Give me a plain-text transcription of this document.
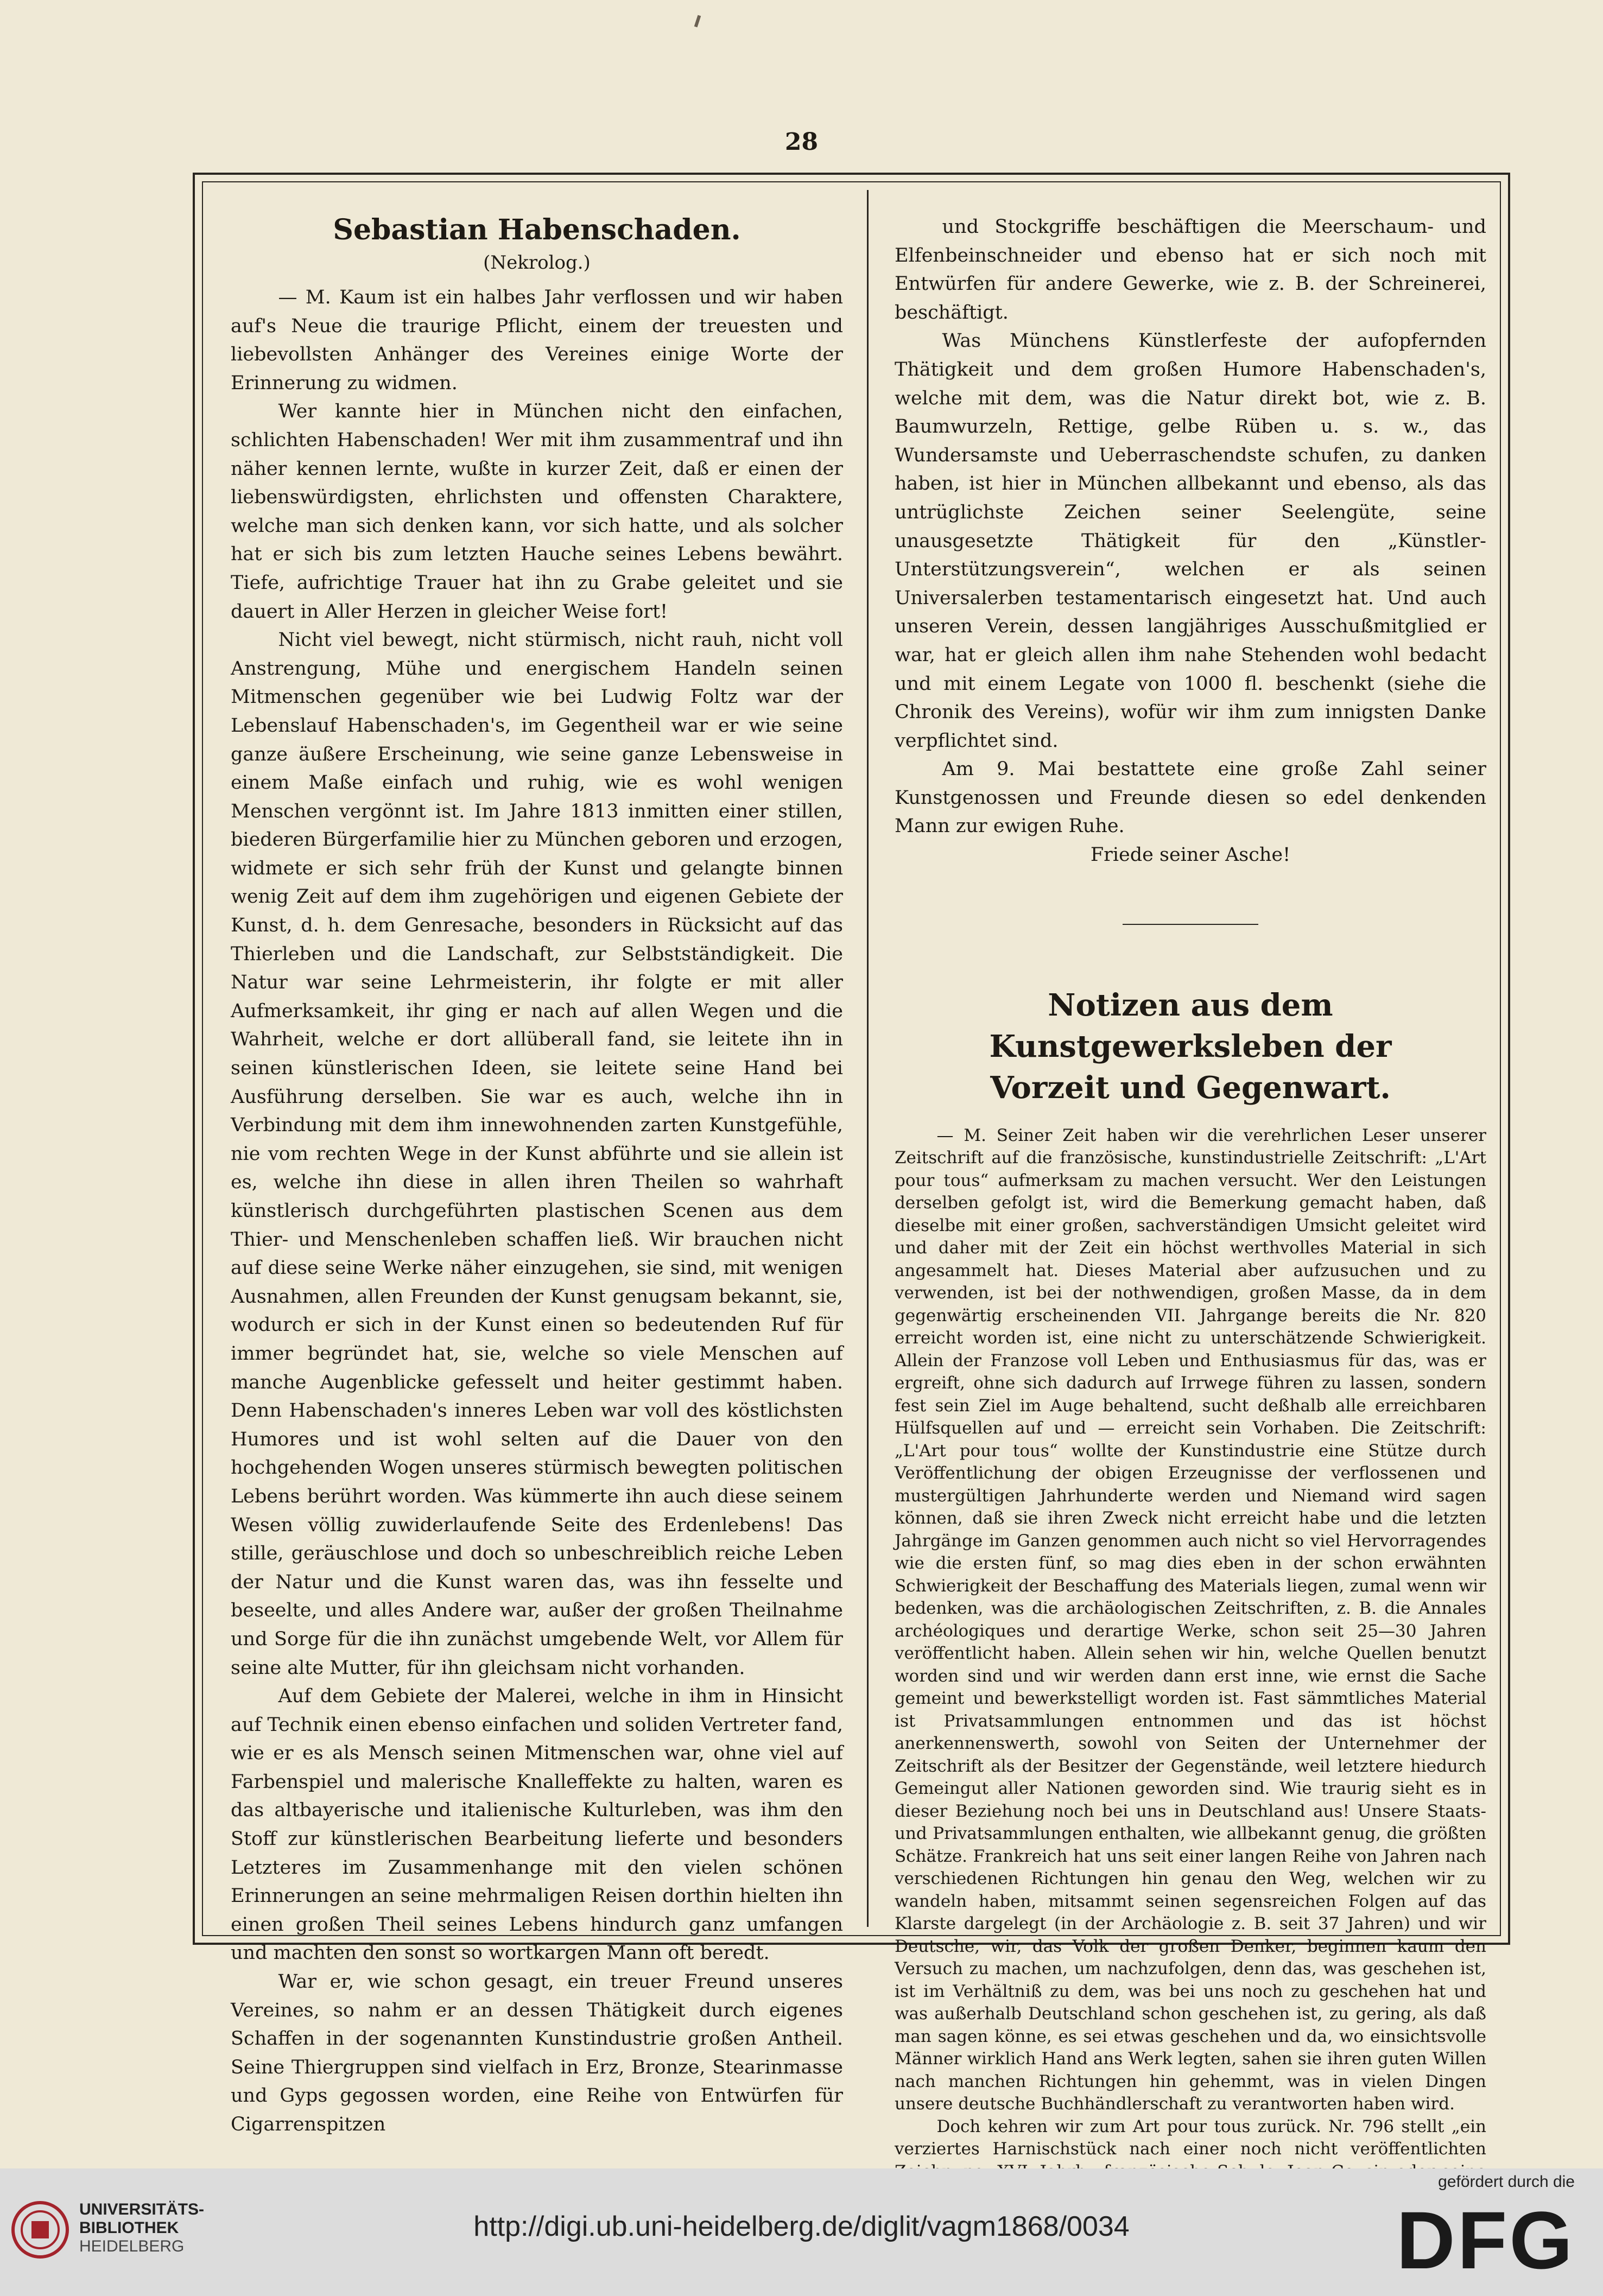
28
Sebastian Habenschaden.
(Nekrolog.)

— M. Kaum ist ein halbes Jahr verflossen und wir haben auf's Neue die traurige Pflicht, einem der treuesten und liebevollsten Anhänger des Vereines einige Worte der Erinnerung zu widmen.

Wer kannte hier in München nicht den einfachen, schlichten Habenschaden! Wer mit ihm zusammentraf und ihn näher kennen lernte, wußte in kurzer Zeit, daß er einen der liebenswürdigsten, ehrlichsten und offensten Charaktere, welche man sich denken kann, vor sich hatte, und als solcher hat er sich bis zum letzten Hauche seines Lebens bewährt. Tiefe, aufrichtige Trauer hat ihn zu Grabe geleitet und sie dauert in Aller Herzen in gleicher Weise fort!

Nicht viel bewegt, nicht stürmisch, nicht rauh, nicht voll Anstrengung, Mühe und energischem Handeln seinen Mitmenschen gegenüber wie bei Ludwig Foltz war der Lebenslauf Habenschaden's, im Gegentheil war er wie seine ganze äußere Erscheinung, wie seine ganze Lebensweise in einem Maße einfach und ruhig, wie es wohl wenigen Menschen vergönnt ist. Im Jahre 1813 inmitten einer stillen, biederen Bürgerfamilie hier zu München geboren und erzogen, widmete er sich sehr früh der Kunst und gelangte binnen wenig Zeit auf dem ihm zugehörigen und eigenen Gebiete der Kunst, d. h. dem Genresache, besonders in Rücksicht auf das Thierleben und die Landschaft, zur Selbstständigkeit. Die Natur war seine Lehrmeisterin, ihr folgte er mit aller Aufmerksamkeit, ihr ging er nach auf allen Wegen und die Wahrheit, welche er dort allüberall fand, sie leitete ihn in seinen künstlerischen Ideen, sie leitete seine Hand bei Ausführung derselben. Sie war es auch, welche ihn in Verbindung mit dem ihm innewohnenden zarten Kunstgefühle, nie vom rechten Wege in der Kunst abführte und sie allein ist es, welche ihn diese in allen ihren Theilen so wahrhaft künstlerisch durchgeführten plastischen Scenen aus dem Thier- und Menschenleben schaffen ließ. Wir brauchen nicht auf diese seine Werke näher einzugehen, sie sind, mit wenigen Ausnahmen, allen Freunden der Kunst genugsam bekannt, sie, wodurch er sich in der Kunst einen so bedeutenden Ruf für immer begründet hat, sie, welche so viele Menschen auf manche Augenblicke gefesselt und heiter gestimmt haben. Denn Habenschaden's inneres Leben war voll des köstlichsten Humores und ist wohl selten auf die Dauer von den hochgehenden Wogen unseres stürmisch bewegten politischen Lebens berührt worden. Was kümmerte ihn auch diese seinem Wesen völlig zuwiderlaufende Seite des Erdenlebens! Das stille, geräuschlose und doch so unbeschreiblich reiche Leben der Natur und die Kunst waren das, was ihn fesselte und beseelte, und alles Andere war, außer der großen Theilnahme und Sorge für die ihn zunächst umgebende Welt, vor Allem für seine alte Mutter, für ihn gleichsam nicht vorhanden.

Auf dem Gebiete der Malerei, welche in ihm in Hinsicht auf Technik einen ebenso einfachen und soliden Vertreter fand, wie er es als Mensch seinen Mitmenschen war, ohne viel auf Farbenspiel und malerische Knalleffekte zu halten, waren es das altbayerische und italienische Kulturleben, was ihm den Stoff zur künstlerischen Bearbeitung lieferte und besonders Letzteres im Zusammenhange mit den vielen schönen Erinnerungen an seine mehrmaligen Reisen dorthin hielten ihn einen großen Theil seines Lebens hindurch ganz umfangen und machten den sonst so wortkargen Mann oft beredt.

War er, wie schon gesagt, ein treuer Freund unseres Vereines, so nahm er an dessen Thätigkeit durch eigenes Schaffen in der sogenannten Kunstindustrie großen Antheil. Seine Thiergruppen sind vielfach in Erz, Bronze, Stearinmasse und Gyps gegossen worden, eine Reihe von Entwürfen für Cigarrenspitzen

und Stockgriffe beschäftigen die Meerschaum- und Elfenbeinschneider und ebenso hat er sich noch mit Entwürfen für andere Gewerke, wie z. B. der Schreinerei, beschäftigt.

Was Münchens Künstlerfeste der aufopfernden Thätigkeit und dem großen Humore Habenschaden's, welche mit dem, was die Natur direkt bot, wie z. B. Baumwurzeln, Rettige, gelbe Rüben u. s. w., das Wundersamste und Ueberraschendste schufen, zu danken haben, ist hier in München allbekannt und ebenso, als das untrüglichste Zeichen seiner Seelengüte, seine unausgesetzte Thätigkeit für den „Künstler-Unterstützungsverein“, welchen er als seinen Universalerben testamentarisch eingesetzt hat. Und auch unseren Verein, dessen langjähriges Ausschußmitglied er war, hat er gleich allen ihm nahe Stehenden wohl bedacht und mit einem Legate von 1000 fl. beschenkt (siehe die Chronik des Vereins), wofür wir ihm zum innigsten Danke verpflichtet sind.

Am 9. Mai bestattete eine große Zahl seiner Kunstgenossen und Freunde diesen so edel denkenden Mann zur ewigen Ruhe.

Friede seiner Asche!

Notizen aus dem Kunstgewerksleben der
Vorzeit und Gegenwart.

— M. Seiner Zeit haben wir die verehrlichen Leser unserer Zeitschrift auf die französische, kunstindustrielle Zeitschrift: „L'Art pour tous“ aufmerksam zu machen versucht. Wer den Leistungen derselben gefolgt ist, wird die Bemerkung gemacht haben, daß dieselbe mit einer großen, sachverständigen Umsicht geleitet wird und daher mit der Zeit ein höchst werthvolles Material in sich angesammelt hat. Dieses Material aber aufzusuchen und zu verwenden, ist bei der nothwendigen, großen Masse, da in dem gegenwärtig erscheinenden VII. Jahrgange bereits die Nr. 820 erreicht worden ist, eine nicht zu unterschätzende Schwierigkeit. Allein der Franzose voll Leben und Enthusiasmus für das, was er ergreift, ohne sich dadurch auf Irrwege führen zu lassen, sondern fest sein Ziel im Auge behaltend, sucht deßhalb alle erreichbaren Hülfsquellen auf und — erreicht sein Vorhaben. Die Zeitschrift: „L'Art pour tous“ wollte der Kunstindustrie eine Stütze durch Veröffentlichung der obigen Erzeugnisse der verflossenen und mustergültigen Jahrhunderte werden und Niemand wird sagen können, daß sie ihren Zweck nicht erreicht habe und die letzten Jahrgänge im Ganzen genommen auch nicht so viel Hervorragendes wie die ersten fünf, so mag dies eben in der schon erwähnten Schwierigkeit der Beschaffung des Materials liegen, zumal wenn wir bedenken, was die archäologischen Zeitschriften, z. B. die Annales archéologiques und derartige Werke, schon seit 25—30 Jahren veröffentlicht haben. Allein sehen wir hin, welche Quellen benutzt worden sind und wir werden dann erst inne, wie ernst die Sache gemeint und bewerkstelligt worden ist. Fast sämmtliches Material ist Privatsammlungen entnommen und das ist höchst anerkennenswerth, sowohl von Seiten der Unternehmer der Zeitschrift als der Besitzer der Gegenstände, weil letztere hiedurch Gemeingut aller Nationen geworden sind. Wie traurig sieht es in dieser Beziehung noch bei uns in Deutschland aus! Unsere Staats- und Privatsammlungen enthalten, wie allbekannt genug, die größten Schätze. Frankreich hat uns seit einer langen Reihe von Jahren nach verschiedenen Richtungen hin genau den Weg, welchen wir zu wandeln haben, mitsammt seinen segensreichen Folgen auf das Klarste dargelegt (in der Archäologie z. B. seit 37 Jahren) und wir Deutsche, wir, das Volk der großen Denker, beginnen kaum den Versuch zu machen, um nachzufolgen, denn das, was geschehen ist, ist im Verhältniß zu dem, was bei uns noch zu geschehen hat und was außerhalb Deutschland schon geschehen ist, zu gering, als daß man sagen könne, es sei etwas geschehen und da, wo einsichtsvolle Männer wirklich Hand ans Werk legten, sahen sie ihren guten Willen nach manchen Richtungen hin gehemmt, was in vielen Dingen unsere deutsche Buchhändlerschaft zu verantworten haben wird.

Doch kehren wir zum Art pour tous zurück. Nr. 796 stellt „ein verziertes Harnischstück nach einer noch nicht veröffentlichten

UNIVERSITÄTS-
BIBLIOTHEK
HEIDELBERG
http://digi.ub.uni-heidelberg.de/diglit/vagm1868/0034
gefördert durch die
DFG
